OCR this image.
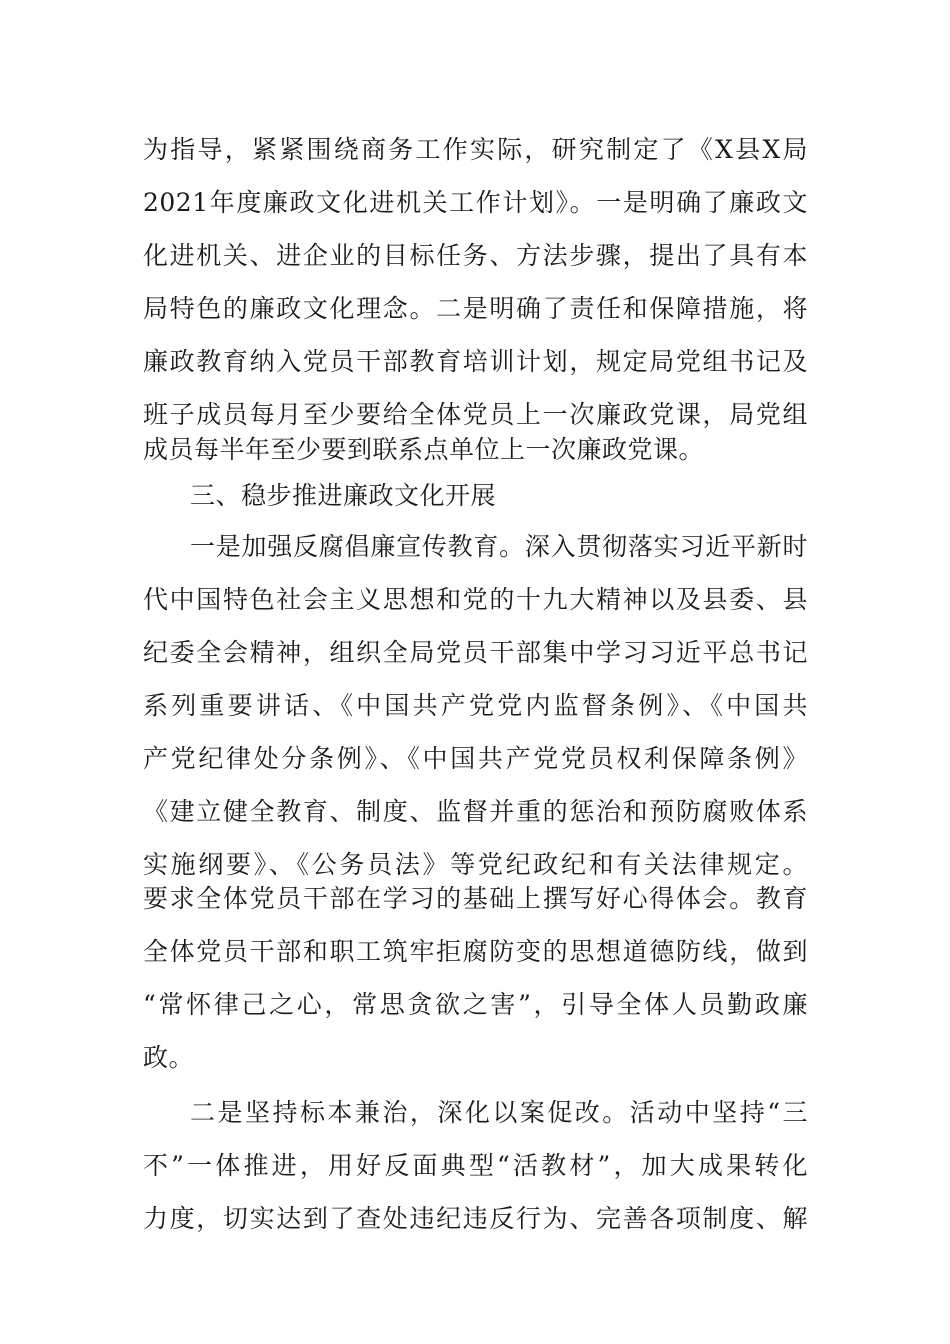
为指导，紧紧围绕商务工作实际，研究制定了《X县X局
2021年度廉政文化进机关工作计划》。一是明确了廉政文
化进机关、进企业的目标任务、方法步骤，提出了具有本
局特色的廉政文化理念。二是明确了责任和保障措施，将
廉政教育纳入党员干部教育培训计划，规定局党组书记及
班子成员每月至少要给全体党员上一次廉政党课，局党组
成员每半年至少要到联系点单位上一次廉政党课。
三、稳步推进廉政文化开展
一是加强反腐倡廉宣传教育。深入贯彻落实习近平新时
代中国特色社会主义思想和党的十九大精神以及县委、县
纪委全会精神，组织全局党员干部集中学习习近平总书记
系列重要讲话、《中国共产党党内监督条例》、《中国共
产党纪律处分条例》、《中国共产党党员权利保障条例》
《建立健全教育、制度、监督并重的惩治和预防腐败体系
实施纲要》、《公务员法》等党纪政纪和有关法律规定。
要求全体党员干部在学习的基础上撰写好心得体会。教育
全体党员干部和职工筑牢拒腐防变的思想道德防线，做到
“常怀律己之心，常思贪欲之害”，引导全体人员勤政廉
政。
二是坚持标本兼治，深化以案促改。活动中坚持“三
不”一体推进，用好反面典型“活教材”，加大成果转化
力度，切实达到了查处违纪违反行为、完善各项制度、解
